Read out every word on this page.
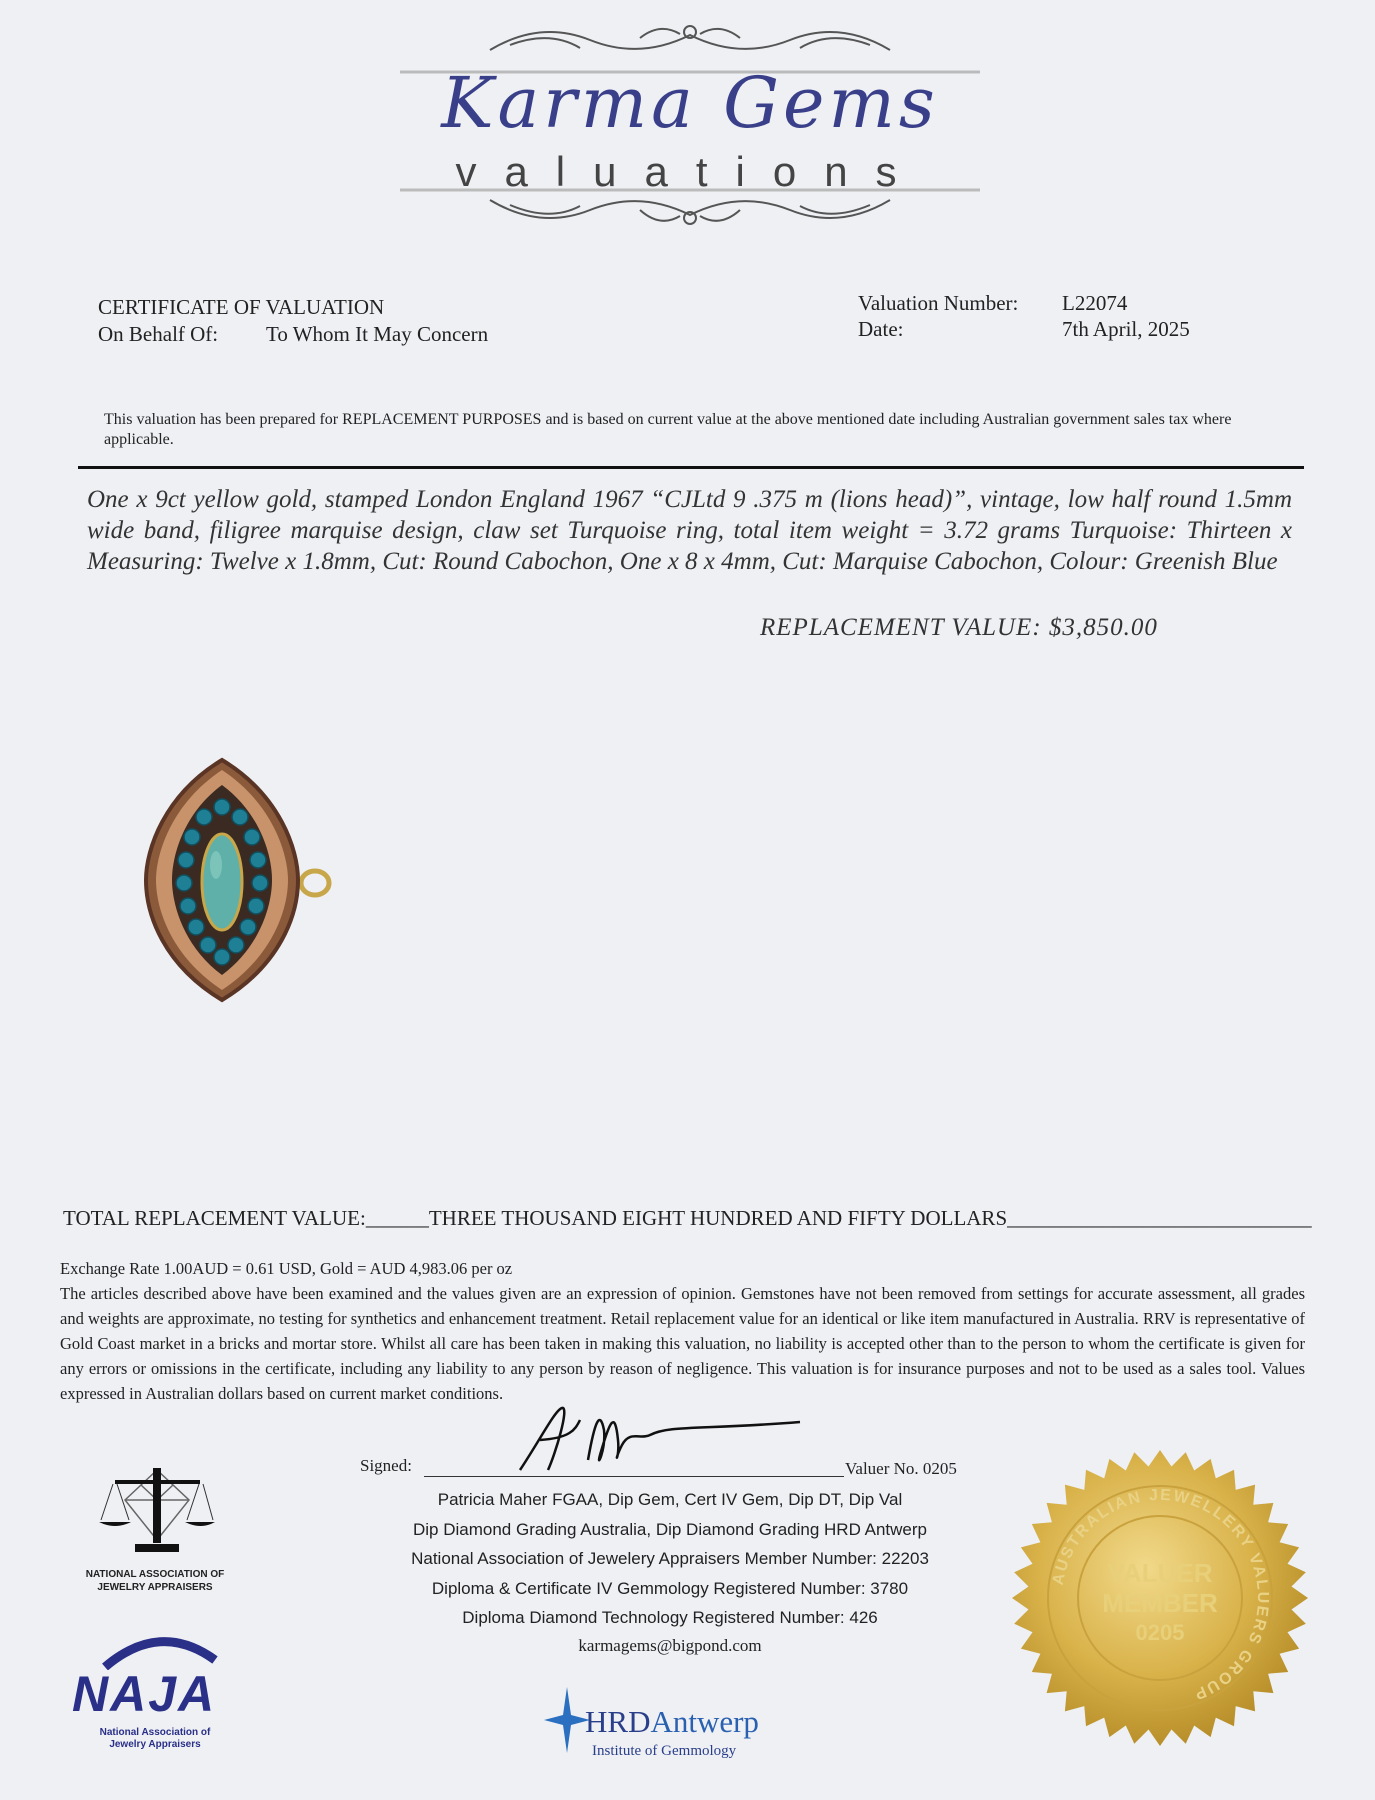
Karma Gems
valuations
CERTIFICATE OF VALUATION
On Behalf Of: To Whom It May Concern
Valuation Number: L22074
Date:	7th April, 2025
This valuation has been prepared for REPLACEMENT PURPOSES and is based on current value at the above mentioned date including Australian government sales tax where applicable.
One x 9ct yellow gold, stamped London England 1967 “CJLtd 9 .375 m (lions head)”, vintage, low half round 1.5mm wide band, filigree marquise design, claw set Turquoise ring, total item weight = 3.72 grams Turquoise: Thirteen x Measuring: Twelve x 1.8mm, Cut: Round Cabochon, One x 8 x 4mm, Cut: Marquise Cabochon, Colour: Greenish Blue
REPLACEMENT VALUE: $3,850.00
TOTAL REPLACEMENT VALUE:______THREE THOUSAND EIGHT HUNDRED AND FIFTY DOLLARS_____________________________
Exchange Rate 1.00AUD = 0.61 USD, Gold = AUD 4,983.06 per oz
The articles described above have been examined and the values given are an expression of opinion. Gemstones have not been removed from settings for accurate assessment, all grades and weights are approximate, no testing for synthetics and enhancement treatment. Retail replacement value for an identical or like item manufactured in Australia. RRV is representative of Gold Coast market in a bricks and mortar store. Whilst all care has been taken in making this valuation, no liability is accepted other than to the person to whom the certificate is given for any errors or omissions in the certificate, including any liability to any person by reason of negligence. This valuation is for insurance purposes and not to be used as a sales tool. Values expressed in Australian dollars based on current market conditions.
Signed:	Valuer No. 0205
Patricia Maher FGAA, Dip Gem, Cert IV Gem, Dip DT, Dip Val
Dip Diamond Grading Australia, Dip Diamond Grading HRD Antwerp
National Association of Jewelery Appraisers Member Number: 22203
Diploma & Certificate IV Gemmology Registered Number: 3780
Diploma Diamond Technology Registered Number: 426
karmagems@bigpond.com
NATIONAL ASSOCIATION OF
JEWELRY APPRAISERS
NAJA
National Association of
Jewelry Appraisers
HRDAntwerp
Institute of Gemmology
AUSTRALIAN JEWELLERY VALUERS GROUP
VALUER
MEMBER
0205
